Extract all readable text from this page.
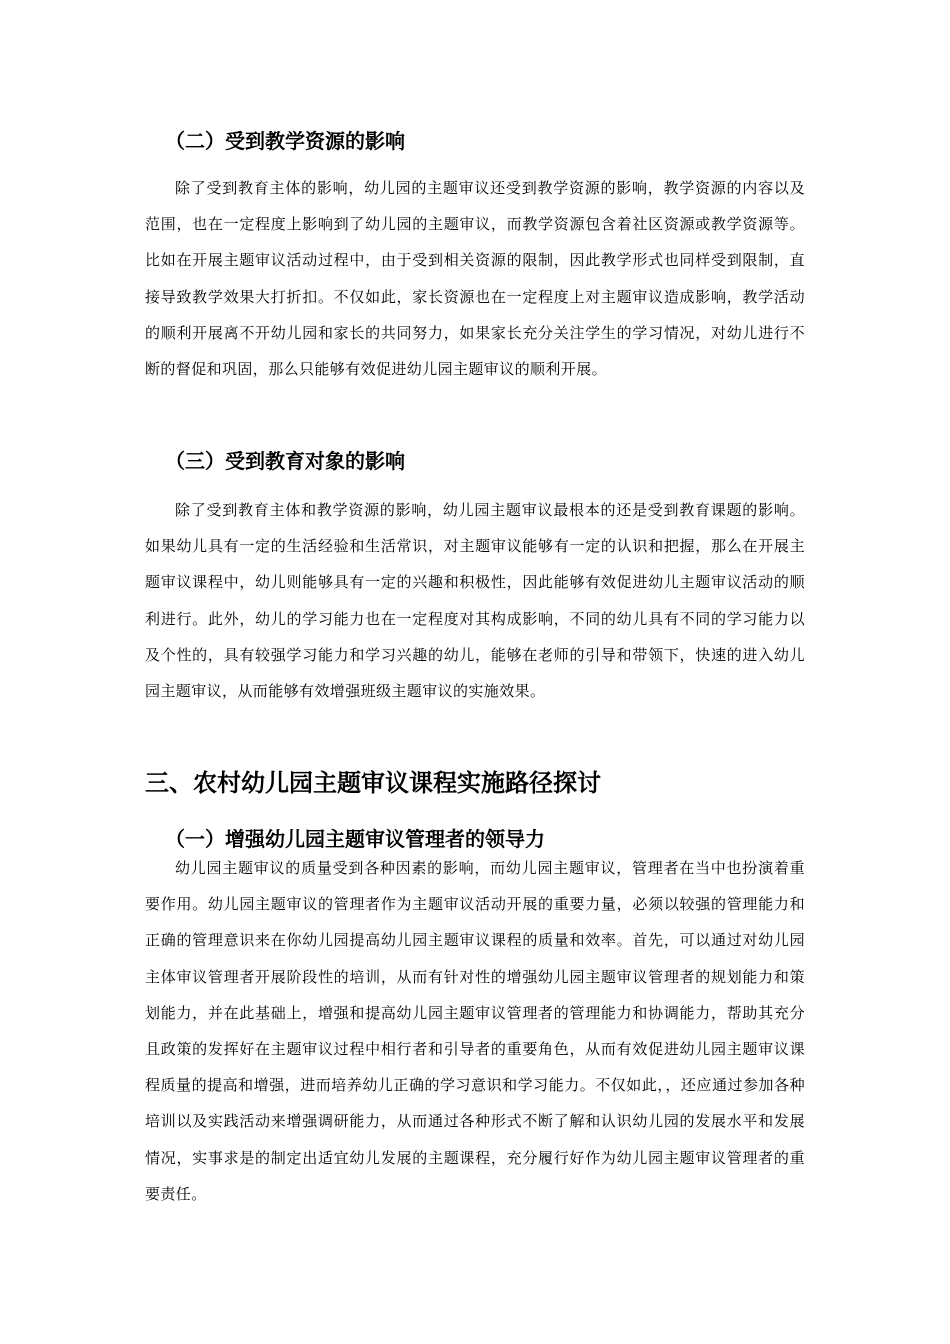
（二）受到教学资源的影响

除了受到教育主体的影响，幼儿园的主题审议还受到教学资源的影响，教学资源的内容以及范围，也在一定程度上影响到了幼儿园的主题审议，而教学资源包含着社区资源或教学资源等。比如在开展主题审议活动过程中，由于受到相关资源的限制，因此教学形式也同样受到限制，直接导致教学效果大打折扣。不仅如此，家长资源也在一定程度上对主题审议造成影响，教学活动的顺利开展离不开幼儿园和家长的共同努力，如果家长充分关注学生的学习情况，对幼儿进行不断的督促和巩固，那么只能够有效促进幼儿园主题审议的顺利开展。

（三）受到教育对象的影响

除了受到教育主体和教学资源的影响，幼儿园主题审议最根本的还是受到教育课题的影响。如果幼儿具有一定的生活经验和生活常识，对主题审议能够有一定的认识和把握，那么在开展主题审议课程中，幼儿则能够具有一定的兴趣和积极性，因此能够有效促进幼儿主题审议活动的顺利进行。此外，幼儿的学习能力也在一定程度对其构成影响，不同的幼儿具有不同的学习能力以及个性的，具有较强学习能力和学习兴趣的幼儿，能够在老师的引导和带领下，快速的进入幼儿园主题审议，从而能够有效增强班级主题审议的实施效果。

三、农村幼儿园主题审议课程实施路径探讨
（一）增强幼儿园主题审议管理者的领导力

幼儿园主题审议的质量受到各种因素的影响，而幼儿园主题审议，管理者在当中也扮演着重要作用。幼儿园主题审议的管理者作为主题审议活动开展的重要力量，必须以较强的管理能力和正确的管理意识来在你幼儿园提高幼儿园主题审议课程的质量和效率。首先，可以通过对幼儿园主体审议管理者开展阶段性的培训，从而有针对性的增强幼儿园主题审议管理者的规划能力和策划能力，并在此基础上，增强和提高幼儿园主题审议管理者的管理能力和协调能力，帮助其充分且政策的发挥好在主题审议过程中相行者和引导者的重要角色，从而有效促进幼儿园主题审议课程质量的提高和增强，进而培养幼儿正确的学习意识和学习能力。不仅如此，，还应通过参加各种培训以及实践活动来增强调研能力，从而通过各种形式不断了解和认识幼儿园的发展水平和发展情况，实事求是的制定出适宜幼儿发展的主题课程，充分履行好作为幼儿园主题审议管理者的重要责任。
